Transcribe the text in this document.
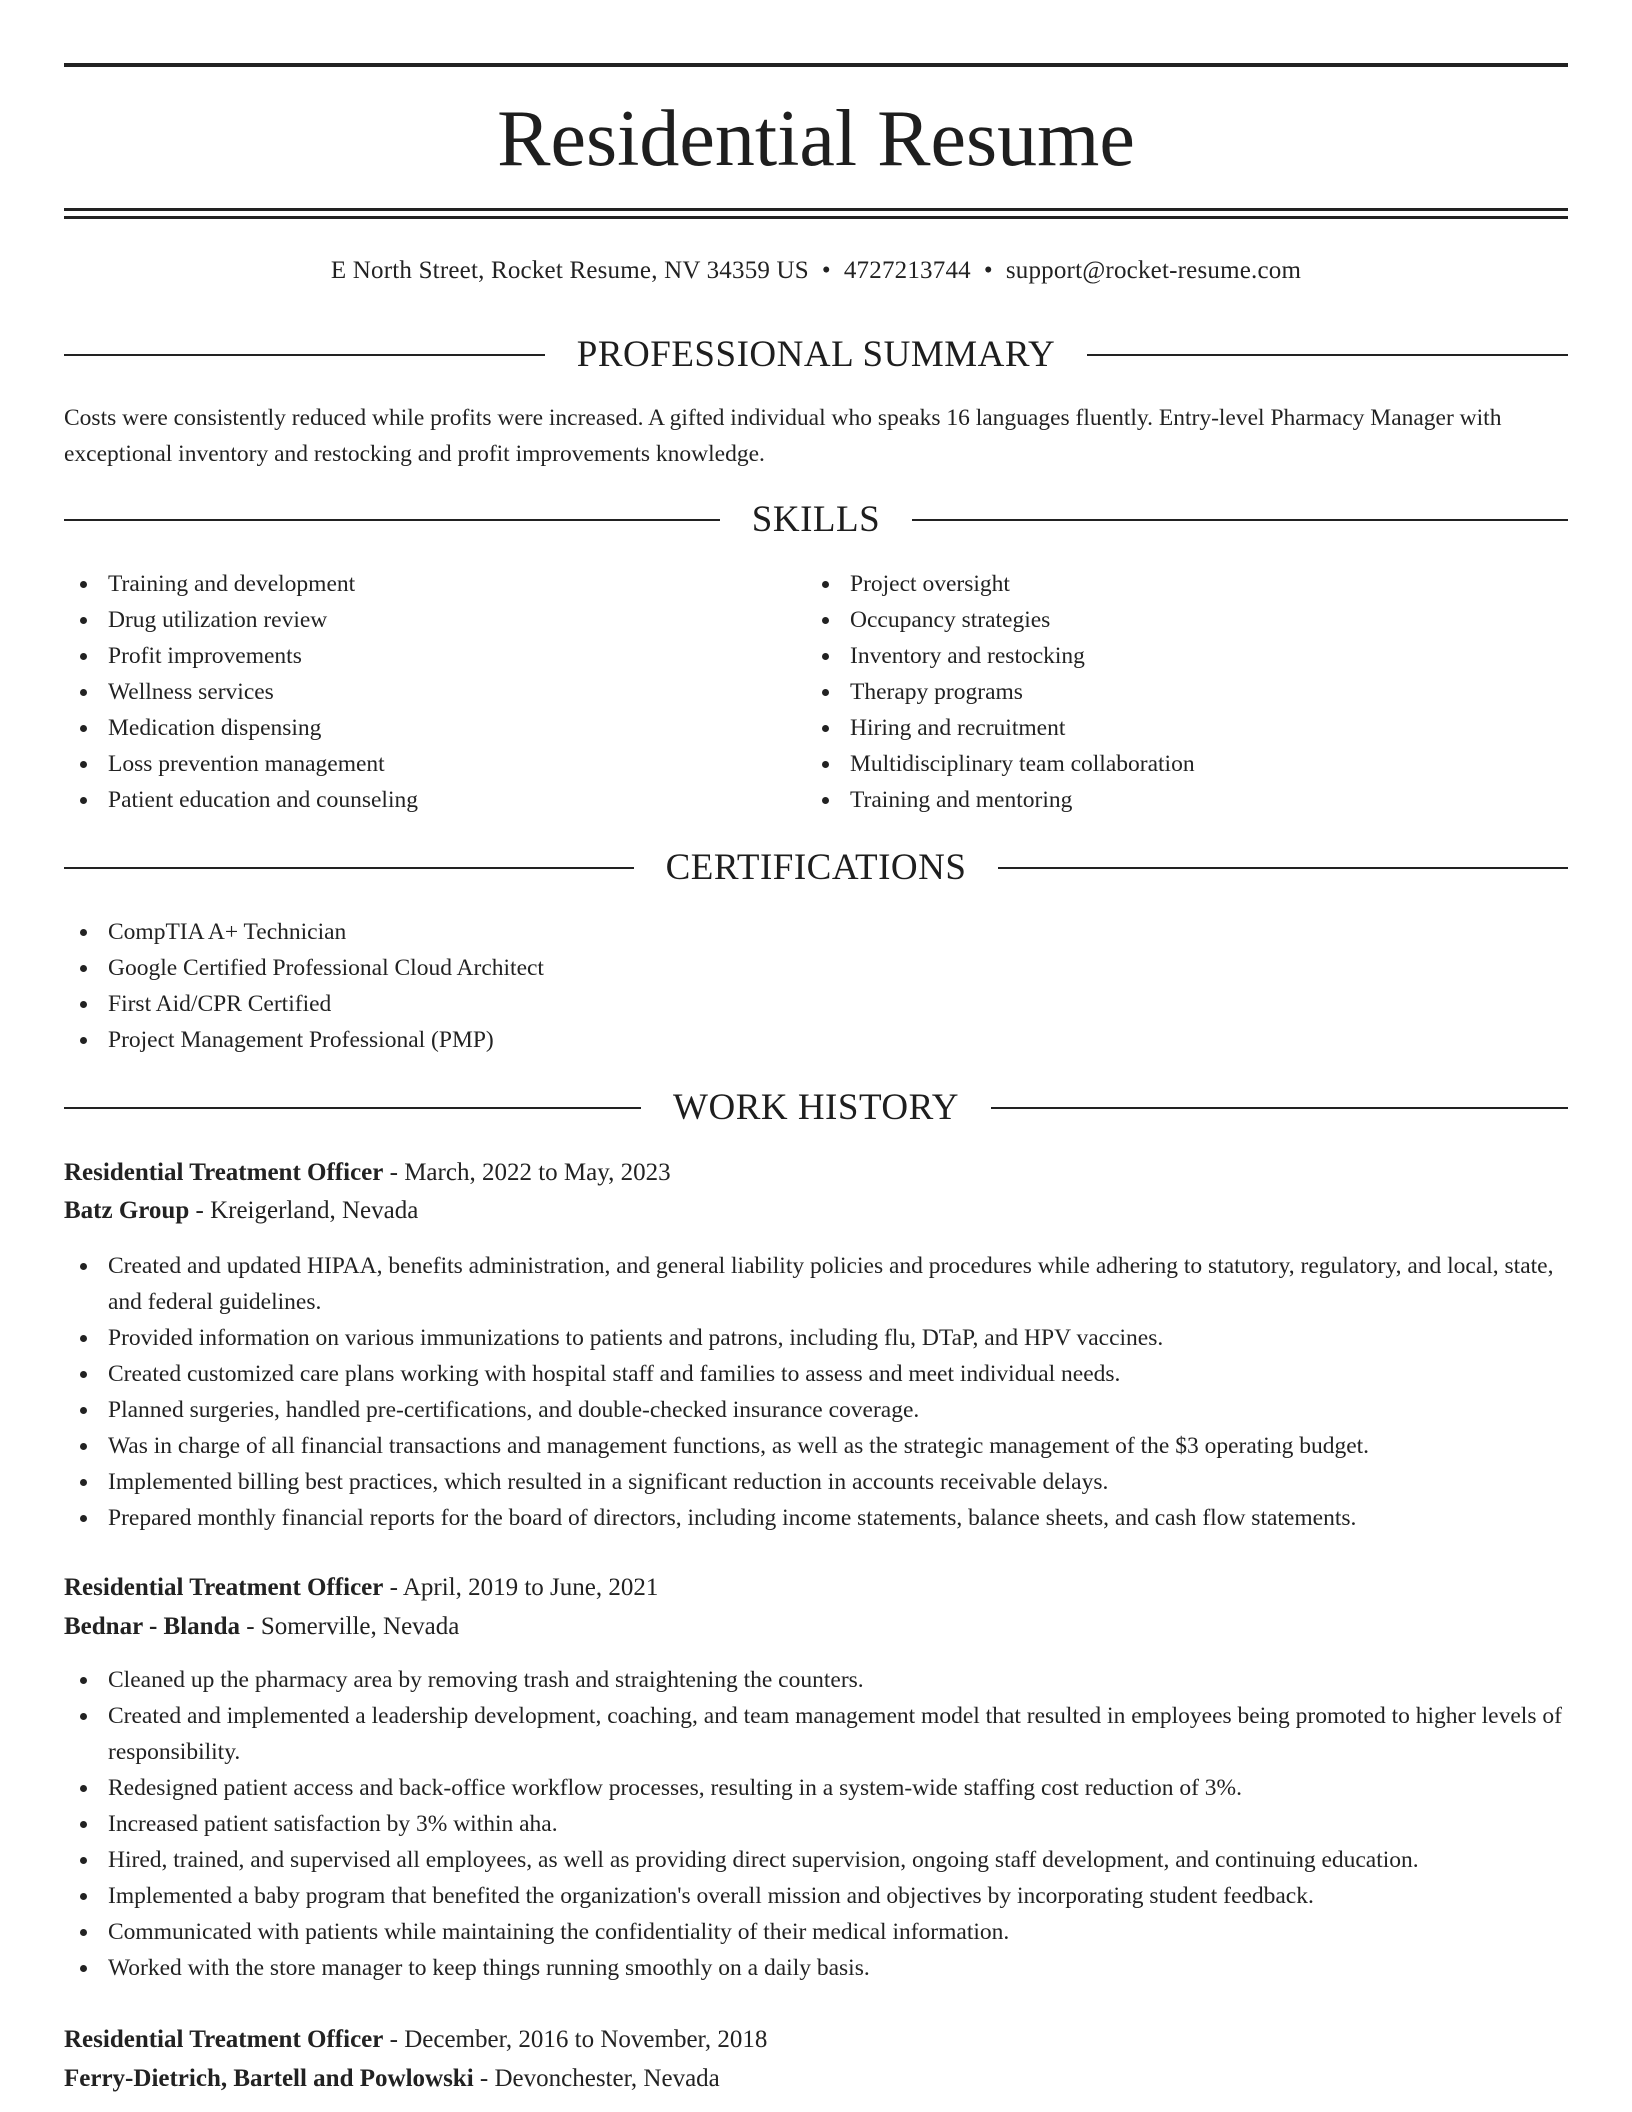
Residential Resume
E North Street, Rocket Resume, NV 34359 US • 4727213744 • support@rocket-resume.com
PROFESSIONAL SUMMARY

Costs were consistently reduced while profits were increased. A gifted individual who speaks 16 languages fluently. Entry-level Pharmacy Manager with exceptional inventory and restocking and profit improvements knowledge.

SKILLS
Training and development
Drug utilization review
Profit improvements
Wellness services
Medication dispensing
Loss prevention management
Patient education and counseling
Project oversight
Occupancy strategies
Inventory and restocking
Therapy programs
Hiring and recruitment
Multidisciplinary team collaboration
Training and mentoring
CERTIFICATIONS
CompTIA A+ Technician
Google Certified Professional Cloud Architect
First Aid/CPR Certified
Project Management Professional (PMP)
WORK HISTORY
Residential Treatment Officer - March, 2022 to May, 2023
Batz Group - Kreigerland, Nevada
Created and updated HIPAA, benefits administration, and general liability policies and procedures while adhering to statutory, regulatory, and local, state, and federal guidelines.
Provided information on various immunizations to patients and patrons, including flu, DTaP, and HPV vaccines.
Created customized care plans working with hospital staff and families to assess and meet individual needs.
Planned surgeries, handled pre-certifications, and double-checked insurance coverage.
Was in charge of all financial transactions and management functions, as well as the strategic management of the $3 operating budget.
Implemented billing best practices, which resulted in a significant reduction in accounts receivable delays.
Prepared monthly financial reports for the board of directors, including income statements, balance sheets, and cash flow statements.
Residential Treatment Officer - April, 2019 to June, 2021
Bednar - Blanda - Somerville, Nevada
Cleaned up the pharmacy area by removing trash and straightening the counters.
Created and implemented a leadership development, coaching, and team management model that resulted in employees being promoted to higher levels of responsibility.
Redesigned patient access and back-office workflow processes, resulting in a system-wide staffing cost reduction of 3%.
Increased patient satisfaction by 3% within aha.
Hired, trained, and supervised all employees, as well as providing direct supervision, ongoing staff development, and continuing education.
Implemented a baby program that benefited the organization's overall mission and objectives by incorporating student feedback.
Communicated with patients while maintaining the confidentiality of their medical information.
Worked with the store manager to keep things running smoothly on a daily basis.
Residential Treatment Officer - December, 2016 to November, 2018
Ferry-Dietrich, Bartell and Powlowski - Devonchester, Nevada
